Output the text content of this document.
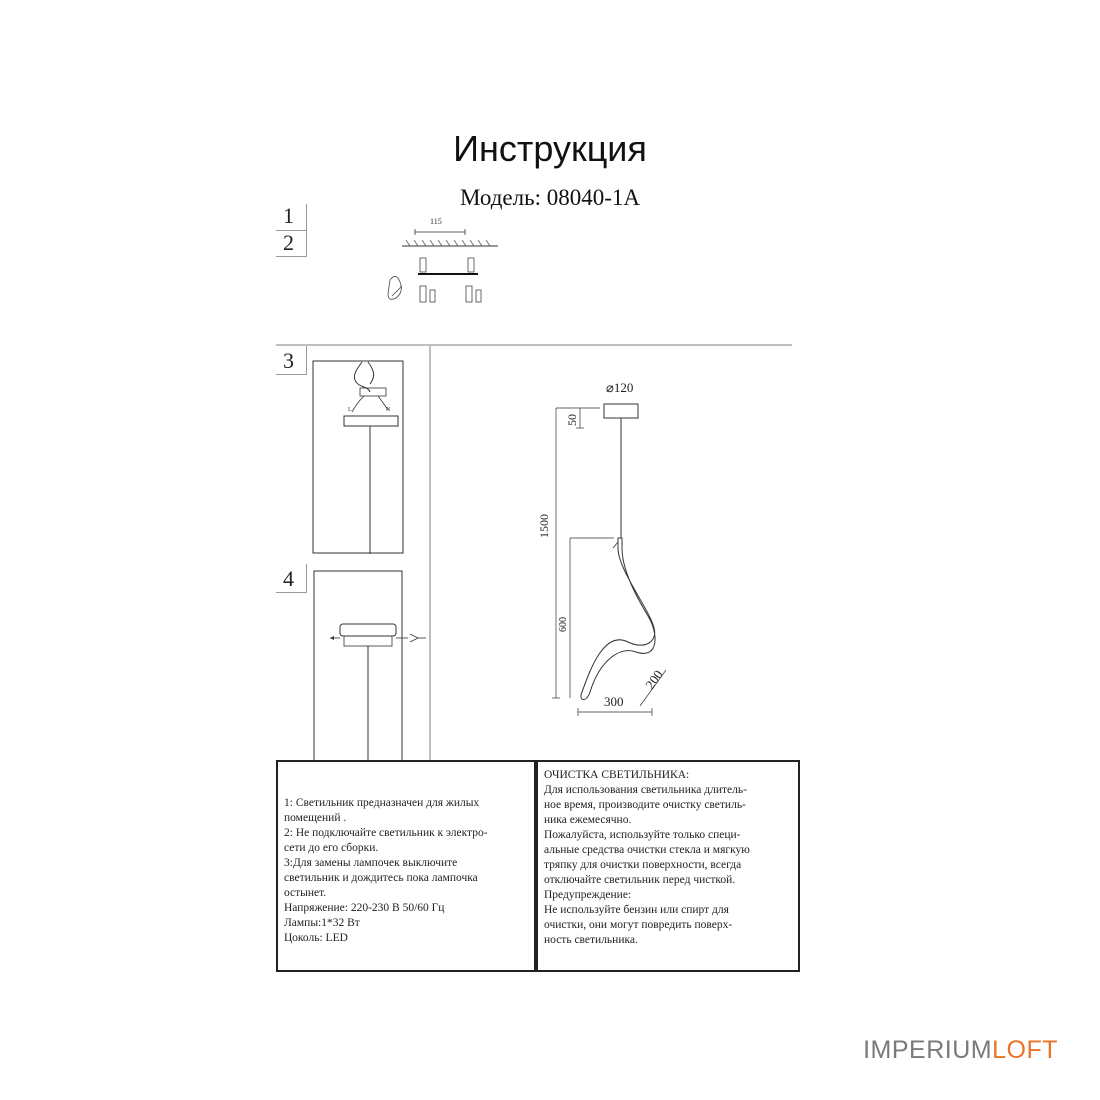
Инструкция
Модель: 08040-1A
1
2
115
3
L	N
4
⌀120
1500
50
600
300
200
1: Светильник предназначен для жилых
помещений .
2: Не подключайте светильник к электро-
сети до его сборки.
3:Для замены лампочек выключите
светильник и дождитесь пока лампочка
остынет.
Напряжение: 220-230 В 50/60 Гц
Лампы:1*32 Вт
Цоколь: LED
ОЧИСТКА СВЕТИЛЬНИКА:
Для использования светильника длитель-
ное время, производите очистку светиль-
ника ежемесячно.
Пожалуйста, используйте только специ-
альные средства очистки стекла и мягкую
тряпку для очистки поверхности, всегда
отключайте светильник перед чисткой.
Предупреждение:
Не используйте бензин или спирт для
очистки, они могут повредить поверх-
ность светильника.
IMPERIUMLOFT
